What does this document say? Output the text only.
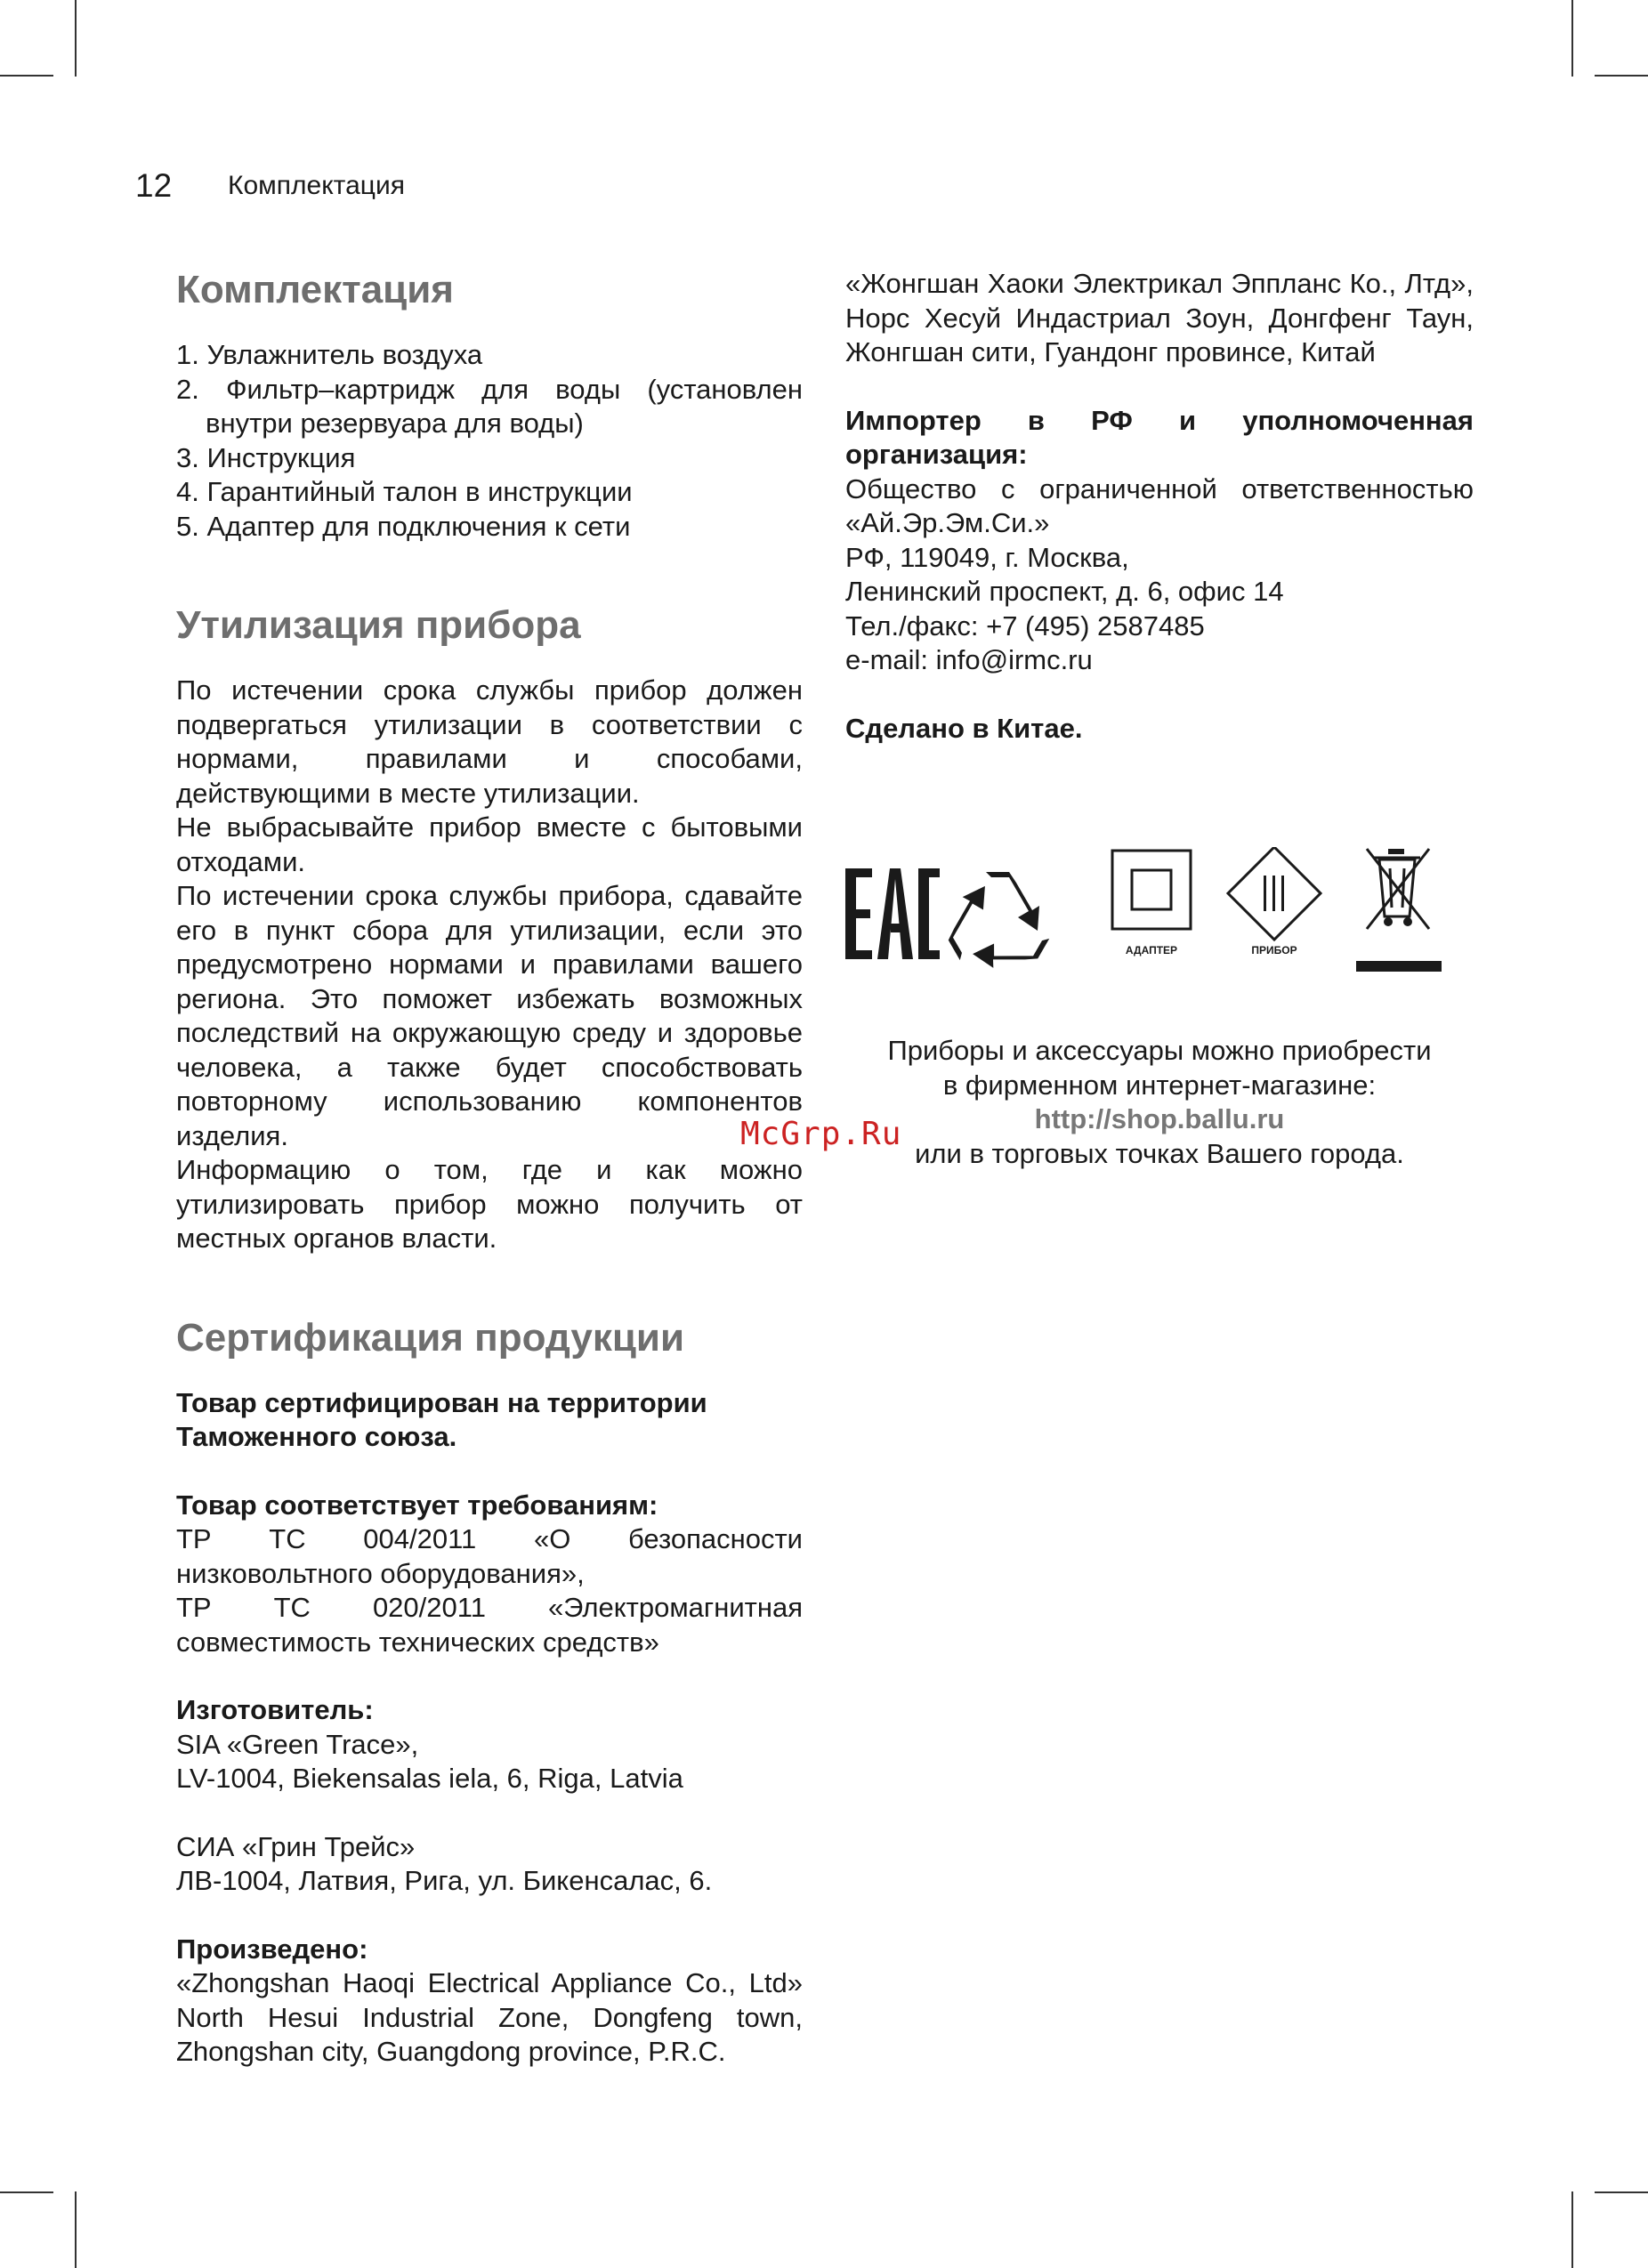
12 Комплектация
Комплектация
1. Увлажнитель воздуха
2. Фильтр–картридж для воды (установлен внутри резервуара для воды)
3. Инструкция
4. Гарантийный талон в инструкции
5. Адаптер для подключения к сети
Утилизация прибора

По истечении срока службы прибор должен подвергаться утилизации в соответствии с нормами, правилами и способами, действующими в месте утилизации.

Не выбрасывайте прибор вместе с бытовыми отходами.

По истечении срока службы прибора, сдавайте его в пункт сбора для утилизации, если это предусмотрено нормами и правилами вашего региона. Это поможет избежать возможных последствий на окружающую среду и здоровье человека, а также будет способствовать повторному использованию компонентов изделия.

Информацию о том, где и как можно утилизировать прибор можно получить от местных органов власти.

Сертификация продукции

Товар сертифицирован на территории Таможенного союза.

Товар соответствует требованиям:

ТР ТС 004/2011 «О безопасности низковольтного оборудования»,

ТР ТС 020/2011 «Электромагнитная совместимость технических средств»

Изготовитель:

SIA «Green Trace»,

LV-1004, Biekensalas iela, 6, Riga, Latvia

СИА «Грин Трейс»

ЛВ-1004, Латвия, Рига, ул. Бикенсалас, 6.

Произведено:

«Zhongshan Haoqi Electrical Appliance Co., Ltd» North Hesui Industrial Zone, Dongfeng town, Zhongshan city, Guangdong province, P.R.C.

«Жонгшан Хаоки Электрикал Эппланс Ко., Лтд», Норс Хесуй Индастриал Зоун, Донгфенг Таун, Жонгшан сити, Гуандонг провинсе, Китай

Импортер в РФ и уполномоченная организация:

Общество с ограниченной ответственностью «Ай.Эр.Эм.Си.»

РФ, 119049, г. Москва,

Ленинский проспект, д. 6, офис 14

Тел./факс: +7 (495) 2587485

e-mail: info@irmc.ru

Сделано в Китае.

АДАПТЕР	ПРИБОР

Приборы и аксессуары можно приобрести

в фирменном интернет-магазине:

http://shop.ballu.ru

или в торговых точках Вашего города.

McGrp.Ru
